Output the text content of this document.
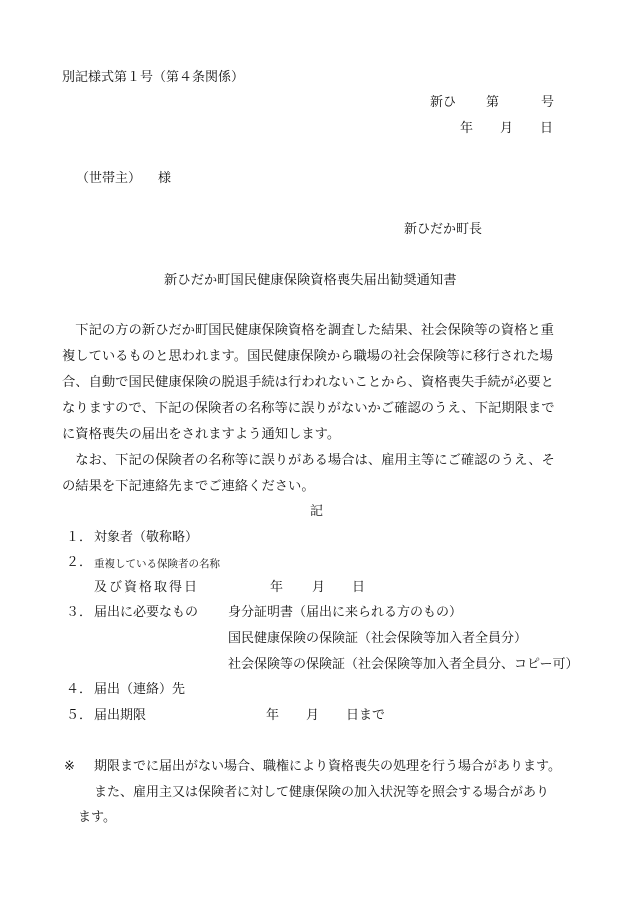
別記様式第１号（第４条関係）
新ひ 第	号
年 月 日
（世帯主） 様
新ひだか町長
新ひだか町国民健康保険資格喪失届出勧奨通知書
　下記の方の新ひだか町国民健康保険資格を調査した結果、社会保険等の資格と重
複しているものと思われます。国民健康保険から職場の社会保険等に移行された場
合、自動で国民健康保険の脱退手続は行われないことから、資格喪失手続が必要と
なりますので、下記の保険者の名称等に誤りがないかご確認のうえ、下記期限まで
に資格喪失の届出をされますよう通知します。
　なお、下記の保険者の名称等に誤りがある場合は、雇用主等にご確認のうえ、そ
の結果を下記連絡先までご連絡ください。
記
１． 対象者（敬称略）
２． 重複している保険者の名称
及び資格取得日	年 月 日
３． 届出に必要なもの 身分証明書（届出に来られる方のもの）
国民健康保険の保険証（社会保険等加入者全員分）
社会保険等の保険証（社会保険等加入者全員分、コピー可）
４． 届出（連絡）先
５． 届出期限	年 月 日まで
※ 期限までに届出がない場合、職権により資格喪失の処理を行う場合があります。
また、雇用主又は保険者に対して健康保険の加入状況等を照会する場合があり
ます。
